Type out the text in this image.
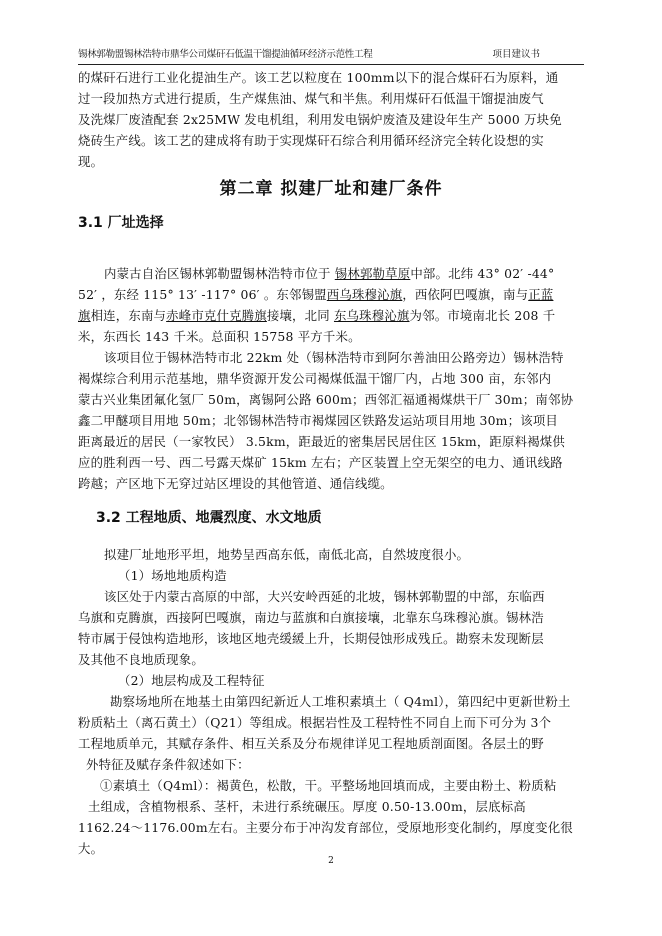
锡林郭勒盟锡林浩特市鼎华公司煤矸石低温干馏提油循环经济示范性工程	项目建议书
的煤矸石进行工业化提油生产。该工艺以粒度在 100mm以下的混合煤矸石为原料，通
过一段加热方式进行提质，生产煤焦油、煤气和半焦。利用煤矸石低温干馏提油废气
及洗煤厂废渣配套 2x25MW 发电机组，利用发电锅炉废渣及建设年生产 5000 万块免
烧砖生产线。该工艺的建成将有助于实现煤矸石综合利用循环经济完全转化设想的实
现。
第二章 拟建厂址和建厂条件
3.1 厂址选择
内蒙古自治区锡林郭勒盟锡林浩特市位于 锡林郭勒草原中部。北纬 43° 02′ -44°
52′ ，东经 115° 13′ -117° 06′ 。东邻锡盟西乌珠穆沁旗，西依阿巴嘎旗，南与正蓝
旗相连，东南与赤峰市克什克腾旗接壤，北同 东乌珠穆沁旗为邻。市境南北长 208 千
米，东西长 143 千米。总面积 15758 平方千米。
该项目位于锡林浩特市北 22km 处（锡林浩特市到阿尔善油田公路旁边）锡林浩特
褐煤综合利用示范基地，鼎华资源开发公司褐煤低温干馏厂内，占地 300 亩，东邻内
蒙古兴业集团氟化氢厂 50m，离锡阿公路 600m；西邻汇福通褐煤烘干厂 30m；南邻协
鑫二甲醚项目用地 50m；北邻锡林浩特市褐煤园区铁路发运站项目用地 30m；该项目
距离最近的居民（一家牧民） 3.5km，距最近的密集居民居住区 15km，距原料褐煤供
应的胜利西一号、西二号露天煤矿 15km 左右；产区装置上空无架空的电力、通讯线路
跨越；产区地下无穿过站区埋设的其他管道、通信线缆。
3.2 工程地质、地震烈度、水文地质
拟建厂址地形平坦，地势呈西高东低，南低北高，自然坡度很小。
（1）场地地质构造
该区处于内蒙古高原的中部，大兴安岭西延的北坡，锡林郭勒盟的中部，东临西
乌旗和克腾旗，西接阿巴嘎旗，南边与蓝旗和白旗接壤，北靠东乌珠穆沁旗。锡林浩
特市属于侵蚀构造地形，该地区地壳缓緩上升，长期侵蚀形成残丘。勘察未发现断层
及其他不良地质现象。
（2）地层构成及工程特征
勘察场地所在地基土由第四纪新近人工堆积素填土（ Q4ml），第四纪中更新世粉土
粉质粘土（离石黄土）（Q21）等组成。根据岩性及工程特性不同自上而下可分为 3个
工程地质单元，其赋存条件、相互关系及分布规律详见工程地质剖面图。各层土的野
外特征及赋存条件叙述如下：
①素填土（Q4ml）：褐黄色，松散，干。平整场地回填而成，主要由粉土、粉质粘
土组成，含植物根系、茎杆，未进行系统碾压。厚度 0.50-13.00m，层底标高
1162.24～1176.00m左右。主要分布于冲沟发育部位，受原地形变化制约，厚度变化很
大。
2
